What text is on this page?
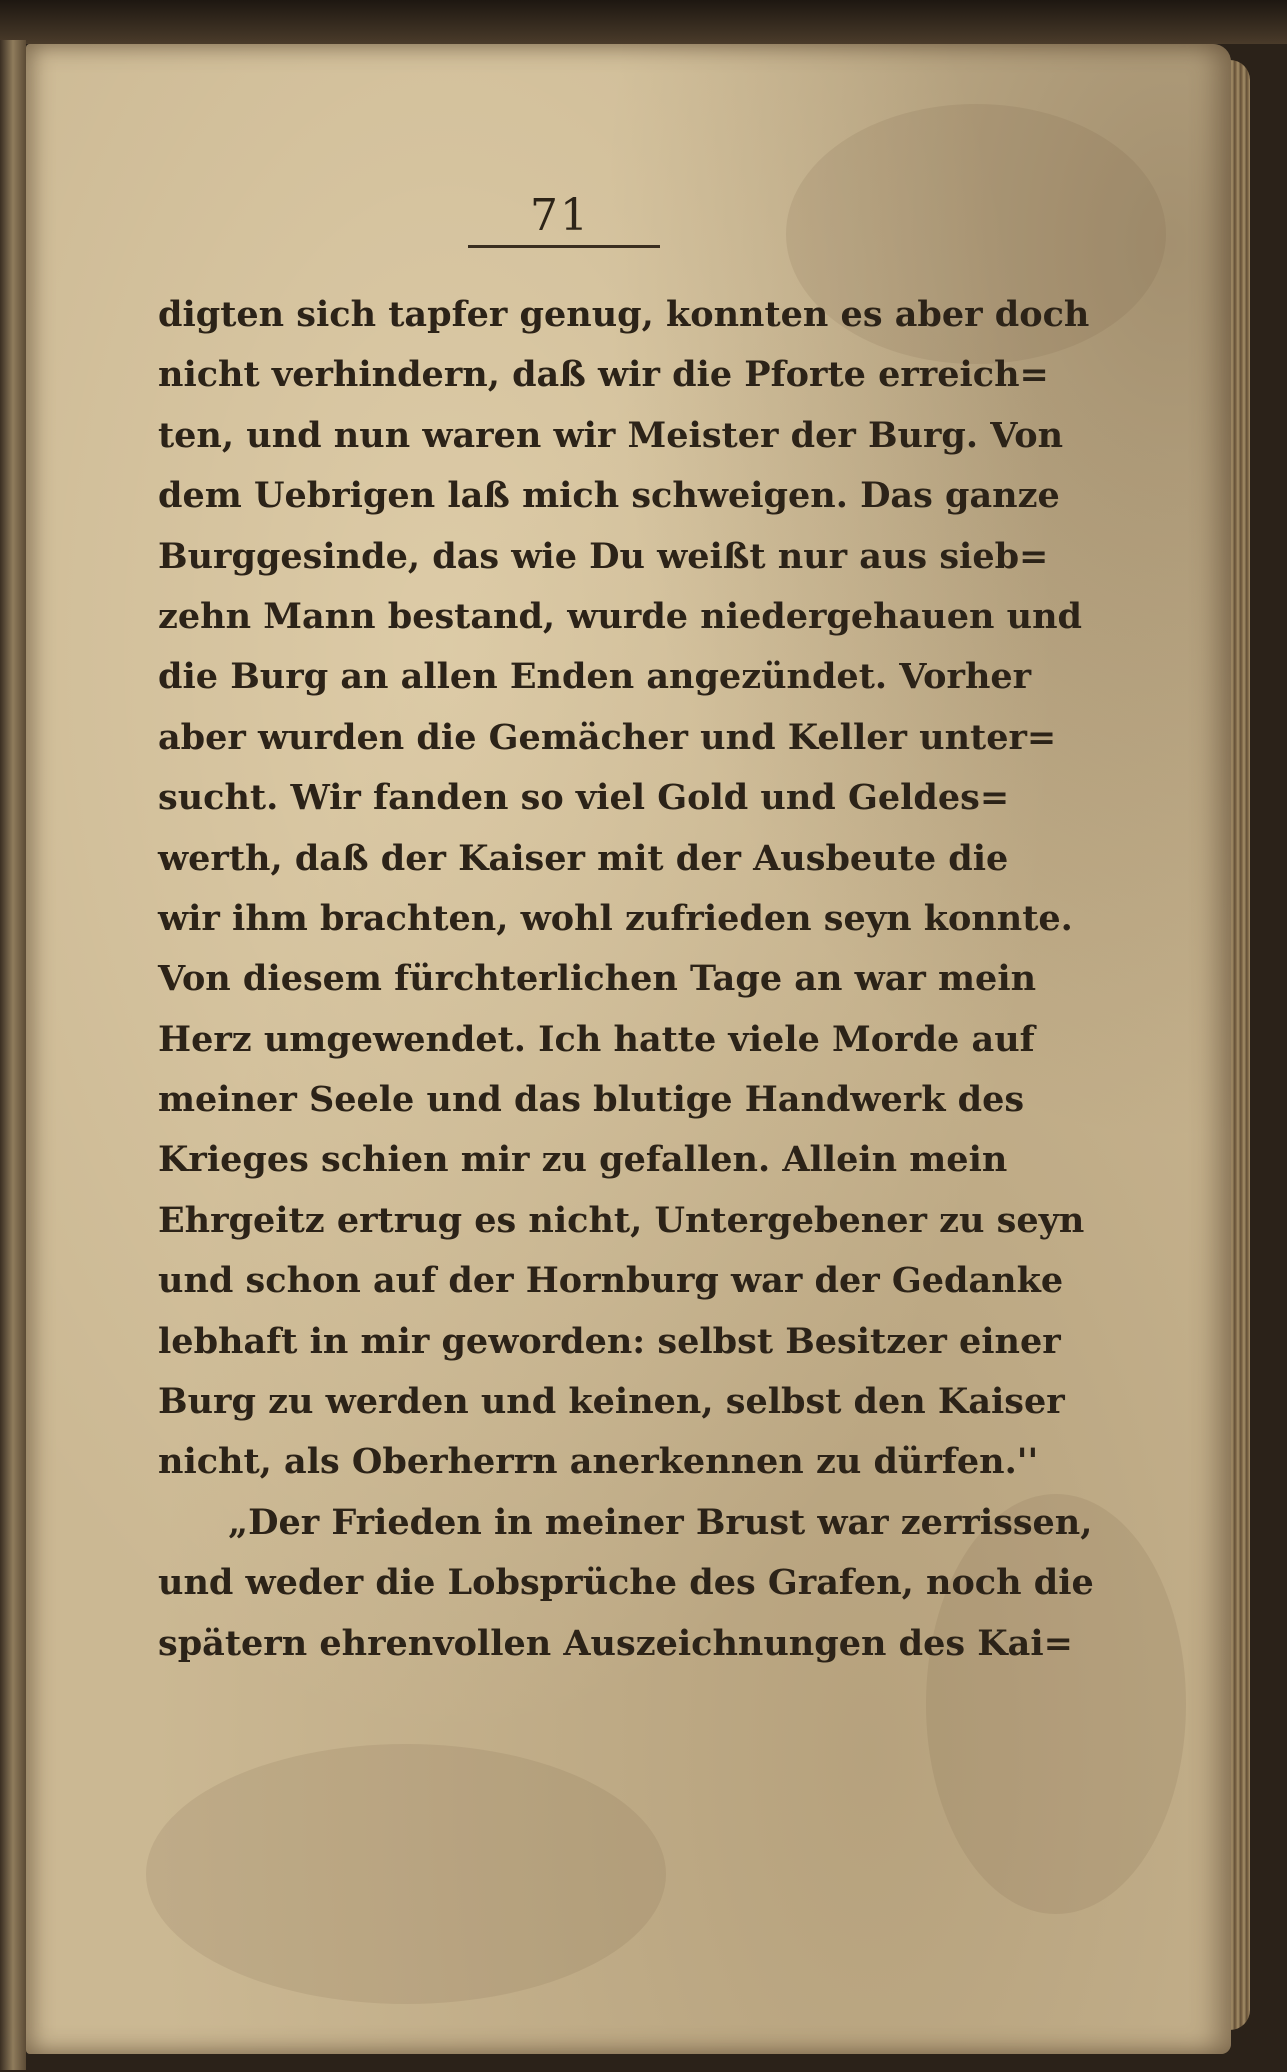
71
digten sich tapfer genug, konnten es aber doch
nicht verhindern, daß wir die Pforte erreich=
ten, und nun waren wir Meister der Burg. Von
dem Uebrigen laß mich schweigen. Das ganze
Burggesinde, das wie Du weißt nur aus sieb=
zehn Mann bestand, wurde niedergehauen und
die Burg an allen Enden angezündet. Vorher
aber wurden die Gemächer und Keller unter=
sucht. Wir fanden so viel Gold und Geldes=
werth, daß der Kaiser mit der Ausbeute die
wir ihm brachten, wohl zufrieden seyn konnte.
Von diesem fürchterlichen Tage an war mein
Herz umgewendet. Ich hatte viele Morde auf
meiner Seele und das blutige Handwerk des
Krieges schien mir zu gefallen. Allein mein
Ehrgeitz ertrug es nicht, Untergebener zu seyn
und schon auf der Hornburg war der Gedanke
lebhaft in mir geworden: selbst Besitzer einer
Burg zu werden und keinen, selbst den Kaiser
nicht, als Oberherrn anerkennen zu dürfen.''
„Der Frieden in meiner Brust war zerrissen,
und weder die Lobsprüche des Grafen, noch die
spätern ehrenvollen Auszeichnungen des Kai=
